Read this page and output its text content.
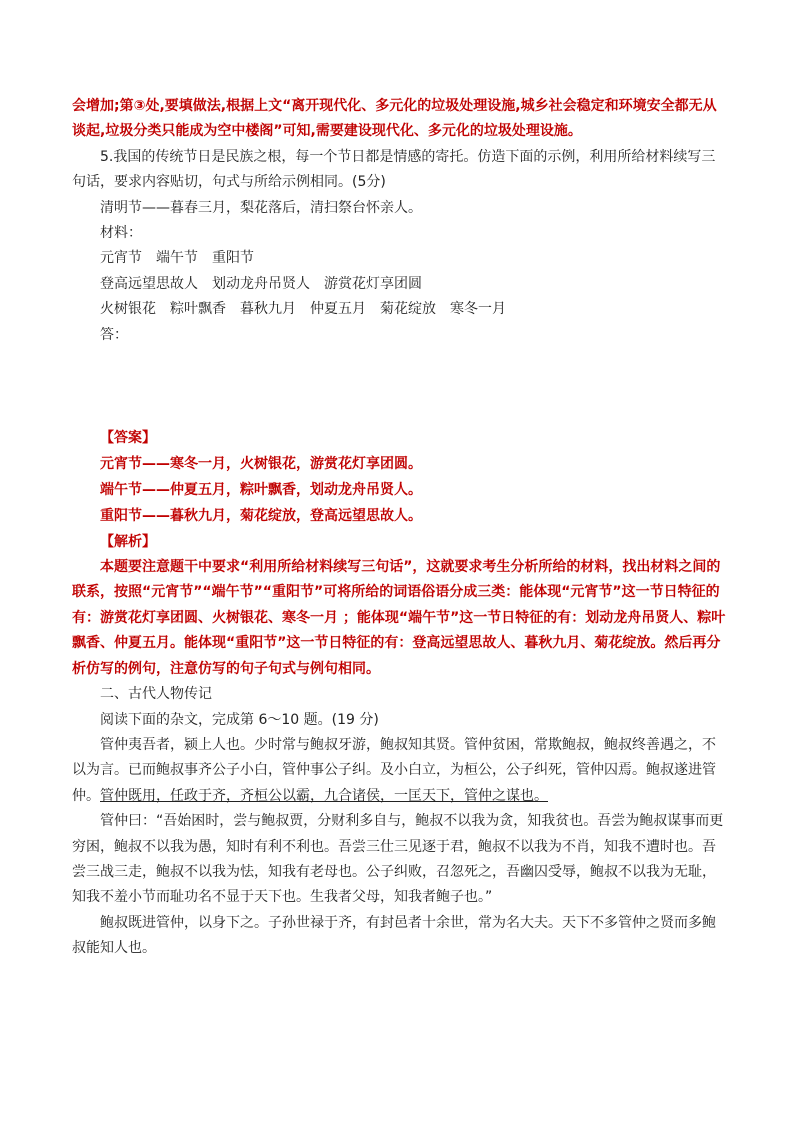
会增加;第③处,要填做法,根据上文“离开现代化、多元化的垃圾处理设施,城乡社会稳定和环境安全都无从谈起,垃圾分类只能成为空中楼阁”可知,需要建设现代化、多元化的垃圾处理设施。

5.我国的传统节日是民族之根，每一个节日都是情感的寄托。仿造下面的示例，利用所给材料续写三句话，要求内容贴切，句式与所给示例相同。(5分)

清明节——暮春三月，梨花落后，清扫祭台怀亲人。

材料：

元宵节　端午节　重阳节

登高远望思故人　划动龙舟吊贤人　游赏花灯享团圆

火树银花　粽叶飘香　暮秋九月　仲夏五月　菊花绽放　寒冬一月

答：

【答案】

元宵节——寒冬一月，火树银花，游赏花灯享团圆。

端午节——仲夏五月，粽叶飘香，划动龙舟吊贤人。

重阳节——暮秋九月，菊花绽放，登高远望思故人。

【解析】

本题要注意题干中要求“利用所给材料续写三句话”，这就要求考生分析所给的材料，找出材料之间的联系，按照“元宵节”“端午节”“重阳节”可将所给的词语俗语分成三类：能体现“元宵节”这一节日特征的有：游赏花灯享团圆、火树银花、寒冬一月 ；能体现“端午节”这一节日特征的有：划动龙舟吊贤人、粽叶飘香、仲夏五月。能体现“重阳节”这一节日特征的有：登高远望思故人、暮秋九月、菊花绽放。然后再分析仿写的例句，注意仿写的句子句式与例句相同。

二、古代人物传记

阅读下面的杂文，完成第 6～10 题。(19 分)

管仲夷吾者，颍上人也。少时常与鲍叔牙游，鲍叔知其贤。管仲贫困，常欺鲍叔，鲍叔终善遇之，不以为言。已而鲍叔事齐公子小白，管仲事公子纠。及小白立，为桓公，公子纠死，管仲囚焉。鲍叔遂进管仲。管仲既用，任政于齐，齐桓公以霸，九合诸侯，一匡天下，管仲之谋也。

管仲曰：“吾始困时，尝与鲍叔贾，分财利多自与，鲍叔不以我为贪，知我贫也。吾尝为鲍叔谋事而更穷困，鲍叔不以我为愚，知时有利不利也。吾尝三仕三见逐于君，鲍叔不以我为不肖，知我不遭时也。吾尝三战三走，鲍叔不以我为怯，知我有老母也。公子纠败，召忽死之，吾幽囚受辱，鲍叔不以我为无耻，知我不羞小节而耻功名不显于天下也。生我者父母，知我者鲍子也。”

鲍叔既进管仲，以身下之。子孙世禄于齐，有封邑者十余世，常为名大夫。天下不多管仲之贤而多鲍叔能知人也。
